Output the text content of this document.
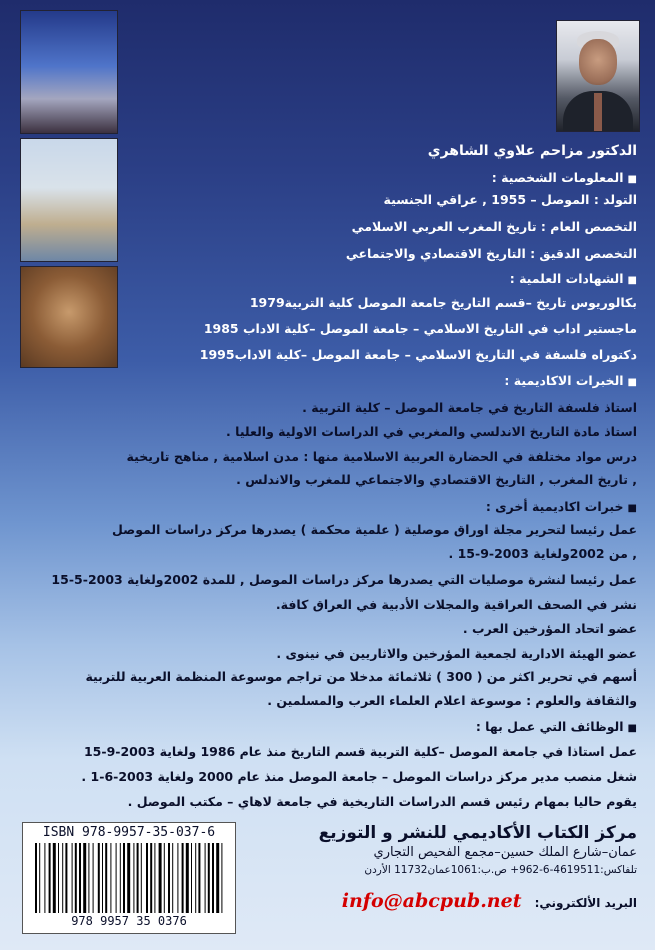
الدكتور مزاحم علاوي الشاهري
■المعلومات الشخصية :
التولد : الموصل – 1955 , عراقي الجنسية
التخصص العام : تاريخ المغرب العربي الاسلامي
التخصص الدقيق : التاريخ الاقتصادي والاجتماعي
■الشهادات العلمية :
بكالوريوس تاريخ –قسم التاريخ جامعة الموصل كلية التربية1979
ماجستير اداب في التاريخ الاسلامي – جامعة الموصل –كلية الاداب 1985
دكتوراه فلسفة في التاريخ الاسلامي – جامعة الموصل –كلية الاداب1995
■الخبرات الاكاديمية :
استاذ فلسفة التاريخ في جامعة الموصل – كلية التربية .
استاذ مادة التاريخ الاندلسي والمغربي في الدراسات الاولية والعليا .
درس مواد مختلفة في الحضارة العربية الاسلامية منها : مدن اسلامية , مناهج تاريخية
, تاريخ المغرب , التاريخ الاقتصادي والاجتماعي للمغرب والاندلس .
■خبرات اكاديمية أخرى :
عمل رئيسا لتحرير مجلة اوراق موصلية ( علمية محكمة ) يصدرها مركز دراسات الموصل
, من 2002ولغاية 2003-9-15 .
عمل رئيسا لنشرة موصليات التي يصدرها مركز دراسات الموصل , للمدة 2002ولغاية 2003-5-15
نشر في الصحف العراقية والمجلات الأدبية في العراق كافة.
عضو اتحاد المؤرخين العرب .
عضو الهيئة الادارية لجمعية المؤرخين والاثاريين في نينوى .
أسهم في تحرير اكثر من ( 300 ) ثلاثمائة مدخلا من تراجم موسوعة المنظمة العربية للتربية
والثقافة والعلوم : موسوعة اعلام العلماء العرب والمسلمين .
■الوظائف التي عمل بها :
عمل استاذا في جامعة الموصل –كلية التربية قسم التاريخ منذ عام 1986 ولغاية 2003-9-15
شغل منصب مدير مركز دراسات الموصل – جامعة الموصل منذ عام 2000 ولغاية 2003-6-1 .
يقوم حاليا بمهام رئيس قسم الدراسات التاريخية في جامعة لاهاي – مكتب الموصل .
ISBN 978-9957-35-037-6
978 9957 35 0376
مركز الكتاب الأكاديمي للنشر و التوزيع
عمان–شارع الملك حسين–مجمع الفحيص التجاري
تلفاكس:4619511-6-962+ ص.ب:1061عمان11732 الأردن
البريد الألكتروني: info@abcpub.net
